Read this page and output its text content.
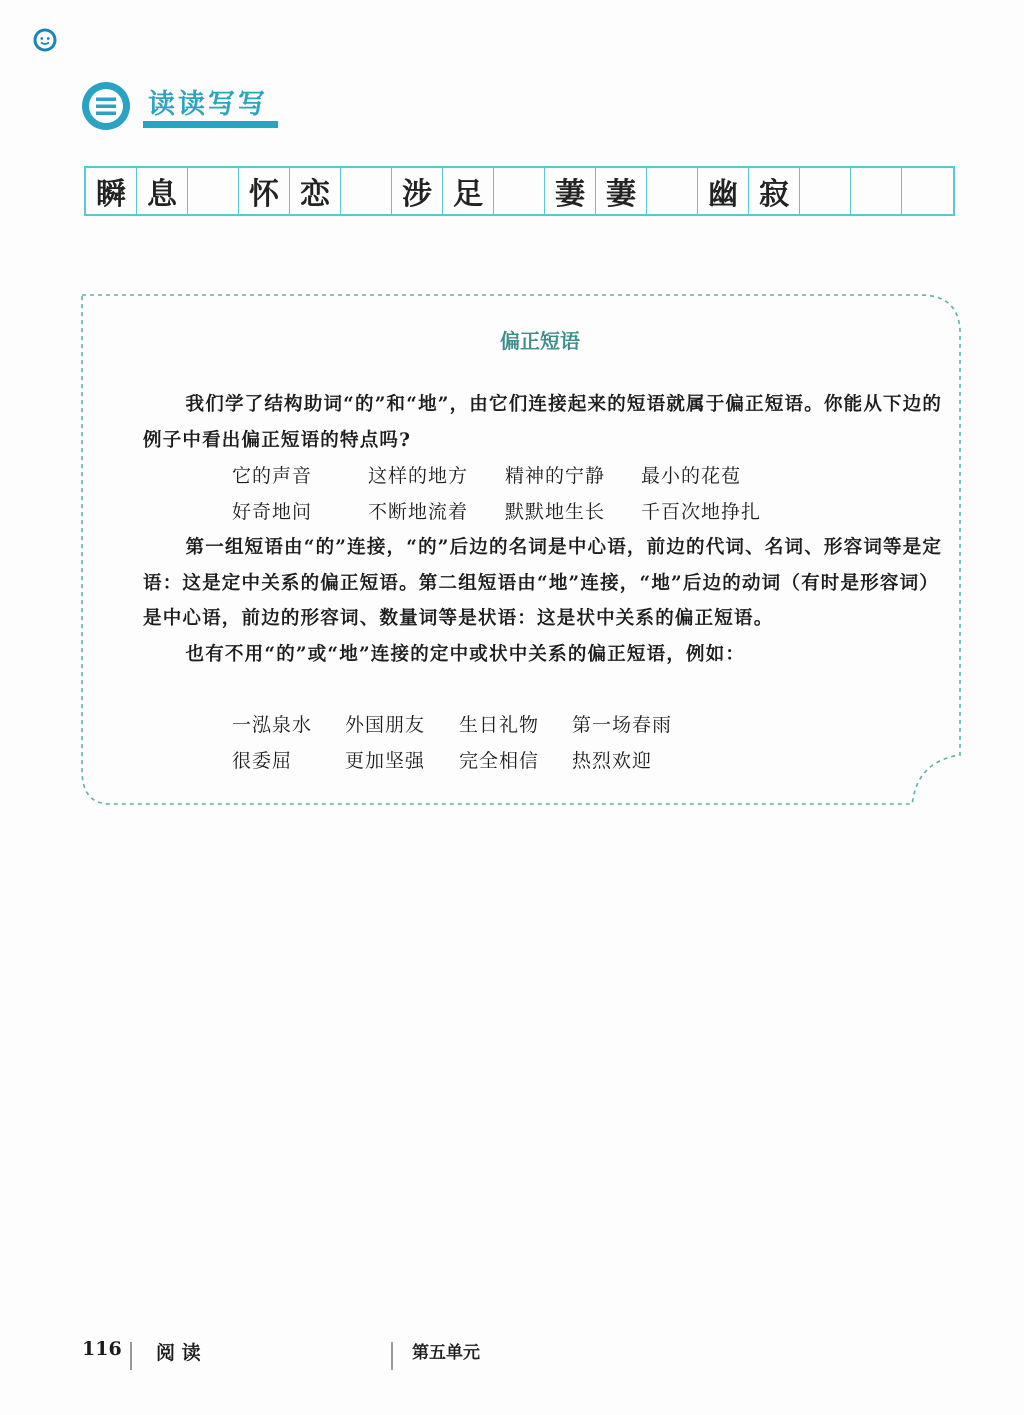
读读写写
瞬 息	怀 恋	涉 足	萋 萋	幽 寂
偏正短语

我们学了结构助词“的”和“地”，由它们连接起来的短语就属于偏正短语。你能从下边的例子中看出偏正短语的特点吗?

它的声音	这样的地方	精神的宁静	最小的花苞
好奇地问	不断地流着	默默地生长	千百次地挣扎

第一组短语由“的”连接，“的”后边的名词是中心语，前边的代词、名词、形容词等是定语：这是定中关系的偏正短语。第二组短语由“地”连接，“地”后边的动词（有时是形容词）是中心语，前边的形容词、数量词等是状语：这是状中关系的偏正短语。

也有不用“的”或“地”连接的定中或状中关系的偏正短语，例如：

一泓泉水	外国朋友	生日礼物	第一场春雨
很委屈	更加坚强	完全相信	热烈欢迎
116 阅 读	第五单元
